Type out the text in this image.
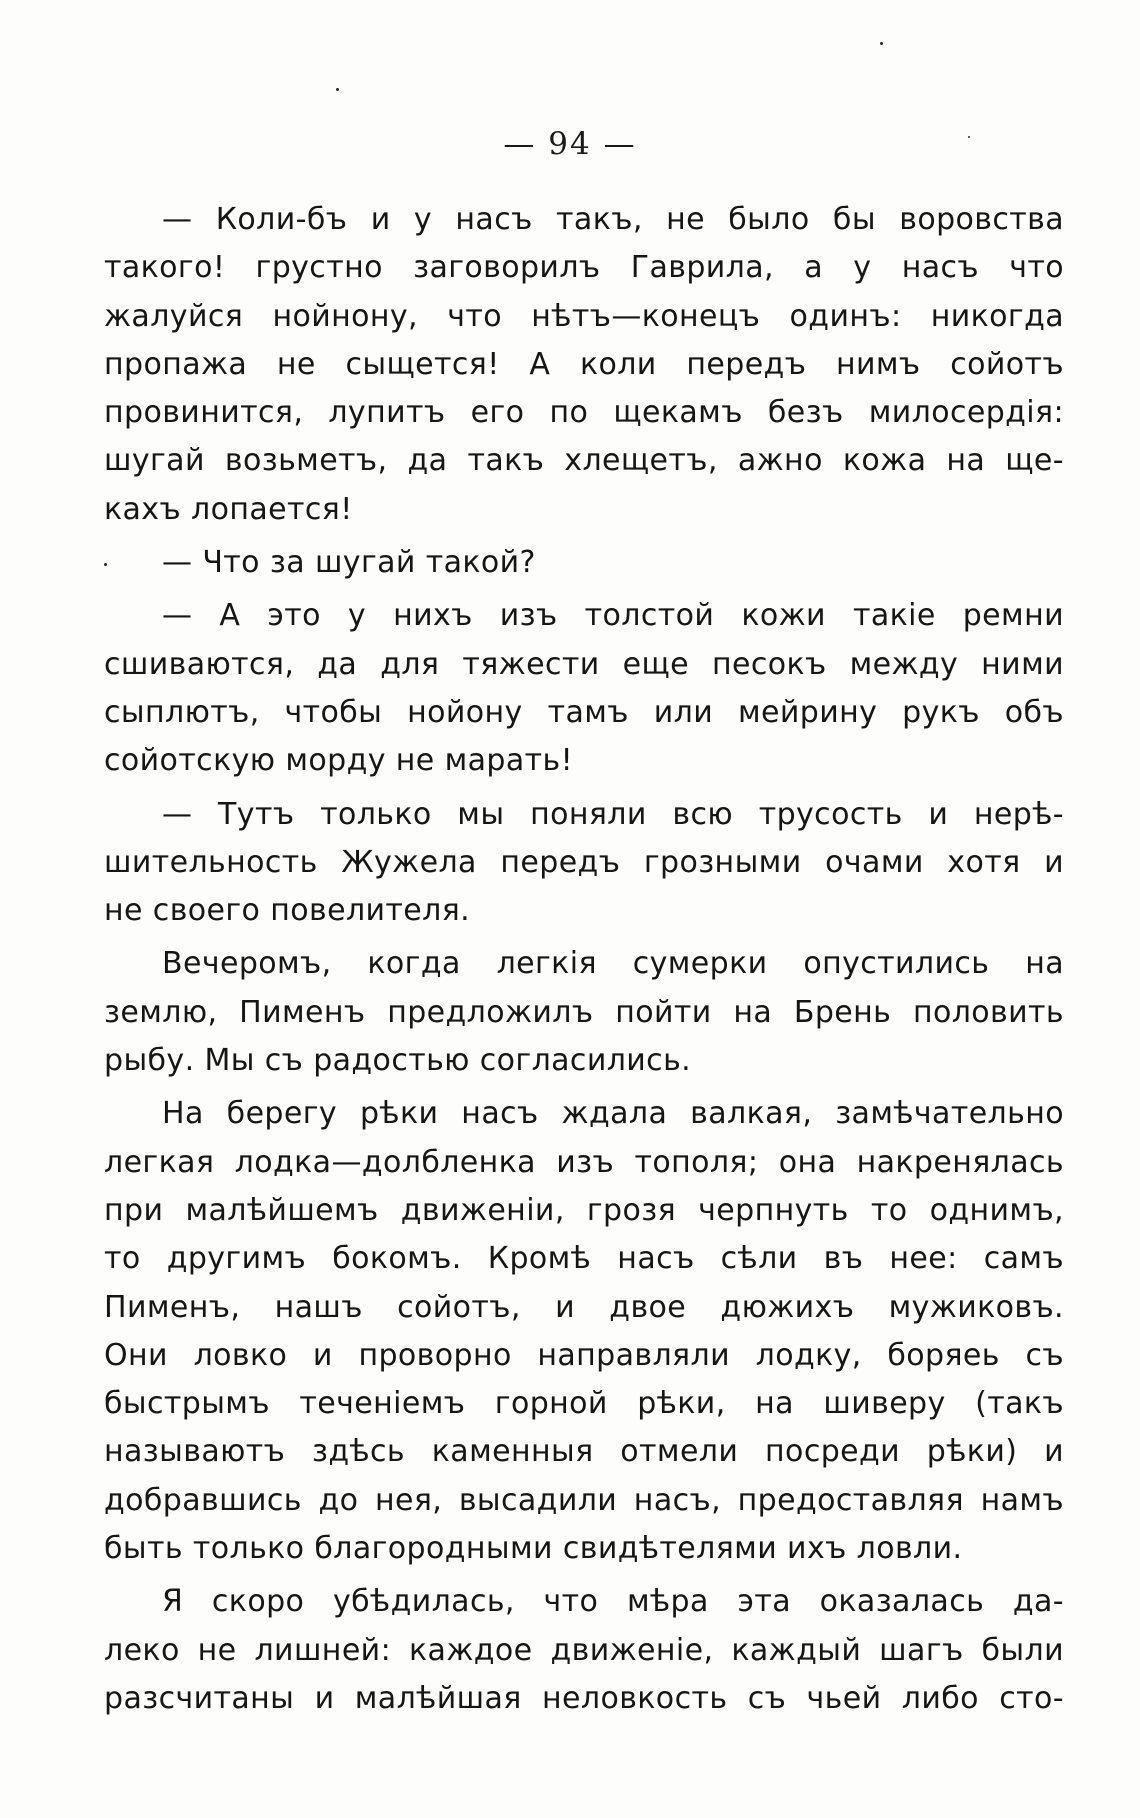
— 94 —
— Коли-бъ и у насъ такъ, не было бы воровства
такого! грустно заговорилъ Гаврила, а у насъ что
жалуйся нойнону, что нѣтъ—конецъ одинъ: никогда
пропажа не сыщется! А коли передъ нимъ сойотъ
провинится, лупитъ его по щекамъ безъ милосердія:
шугай возьметъ, да такъ хлещетъ, ажно кожа на ще-
кахъ лопается!
— Что за шугай такой?
— А это у нихъ изъ толстой кожи такіе ремни
сшиваются, да для тяжести еще песокъ между ними
сыплютъ, чтобы нойону тамъ или мейрину рукъ объ
сойотскую морду не марать!
— Тутъ только мы поняли всю трусость и нерѣ-
шительность Жужела передъ грозными очами хотя и
не своего повелителя.
Вечеромъ, когда легкія сумерки опустились на
землю, Пименъ предложилъ пойти на Брень половить
рыбу. Мы съ радостью согласились.
На берегу рѣки насъ ждала валкая, замѣчательно
легкая лодка—долбленка изъ тополя; она накренялась
при малѣйшемъ движеніи, грозя черпнуть то однимъ,
то другимъ бокомъ. Кромѣ насъ сѣли въ нее: самъ
Пименъ, нашъ сойотъ, и двое дюжихъ мужиковъ.
Они ловко и проворно направляли лодку, боряеь съ
быстрымъ теченіемъ горной рѣки, на шиверу (такъ
называютъ здѣсь каменныя отмели посреди рѣки) и
добравшись до нея, высадили насъ, предоставляя намъ
быть только благородными свидѣтелями ихъ ловли.
Я скоро убѣдилась, что мѣра эта оказалась да-
леко не лишней: каждое движеніе, каждый шагъ были
разсчитаны и малѣйшая неловкость съ чьей либо сто-
